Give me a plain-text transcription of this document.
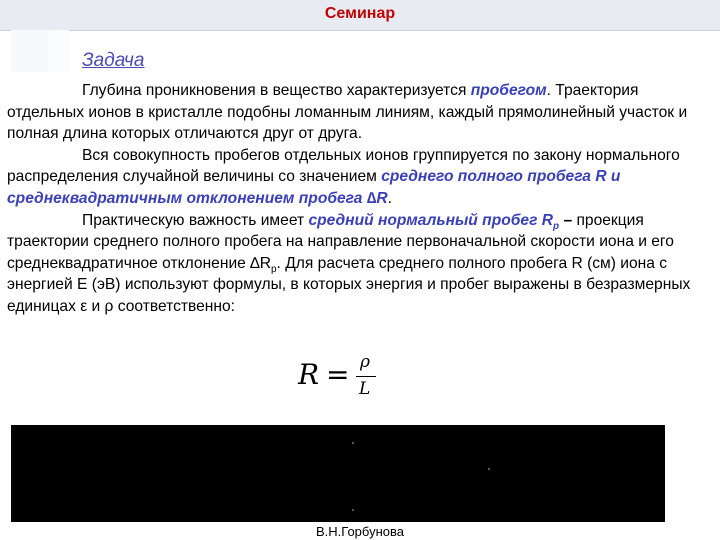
Семинар
Задача

Глубина проникновения в вещество характеризуется пробегом. Траектория отдельных ионов в кристалле подобны ломанным линиям, каждый прямолинейный участок и полная длина которых отличаются друг от друга.

Вся совокупность пробегов отдельных ионов группируется по закону нормального распределения случайной величины со значением среднего полного пробега R и среднеквадратичным отклонением пробега ∆R.

Практическую важность имеет средний нормальный пробег $R_p$ – проекция траектории среднего полного пробега на направление первоначальной скорости иона и его среднеквадратичное отклонение $\Delta R_p$. Для расчета среднего полного пробега R (см) иона с энергией E (эВ) используют формулы, в которых энергия и пробег выражены в безразмерных единицах ε и ρ соответственно:

R = ρ
L
В.Н.Горбунова
